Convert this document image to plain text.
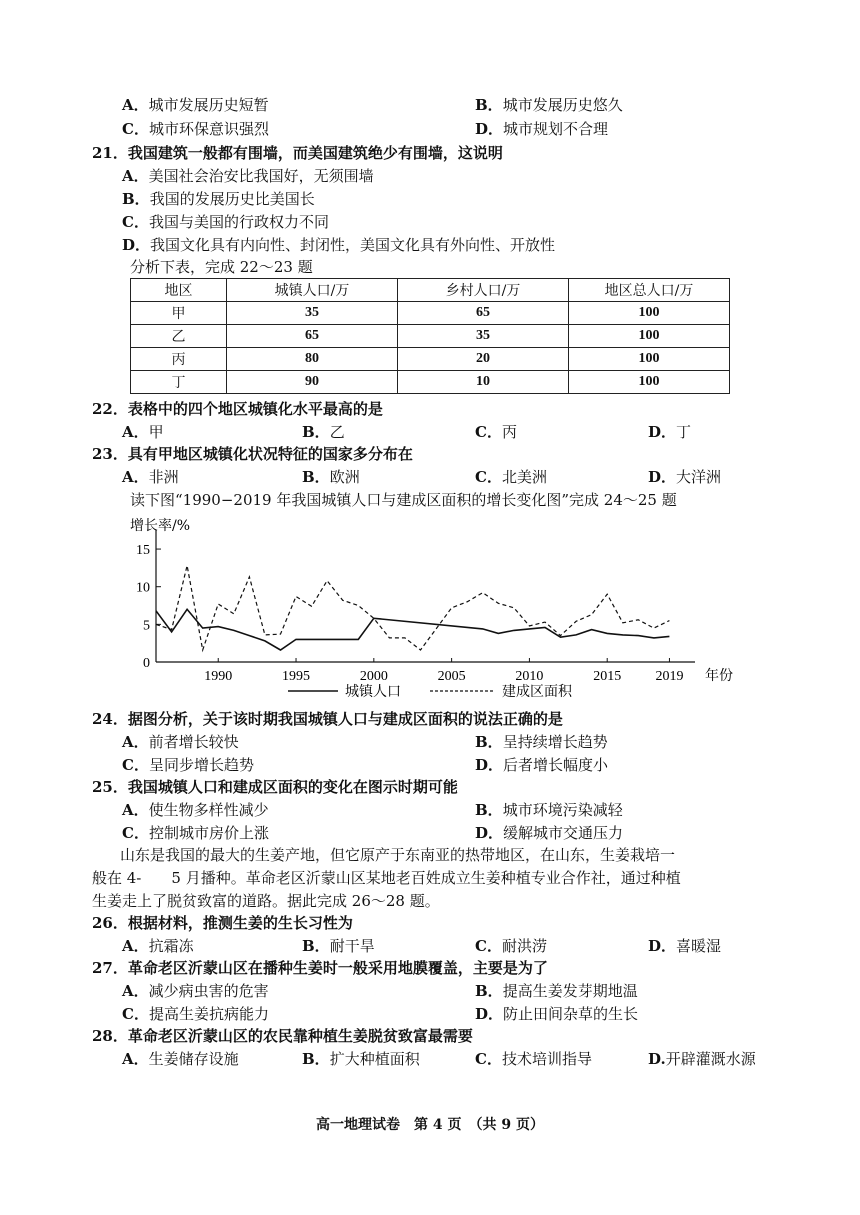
A．城市发展历史短暂	B．城市发展历史悠久
C．城市环保意识强烈	D．城市规划不合理
21．我国建筑一般都有围墙，而美国建筑绝少有围墙，这说明
A．美国社会治安比我国好，无须围墙
B．我国的发展历史比美国长
C．我国与美国的行政权力不同
D．我国文化具有内向性、封闭性，美国文化具有外向性、开放性
分析下表，完成 22～23 题
地区	城镇人口/万	乡村人口/万	地区总人口/万
甲	35	65	100
乙	65	35	100
丙	80	20	100
丁	90	10	100
22．表格中的四个地区城镇化水平最高的是
A．甲	B．乙	C．丙	D．丁
23．具有甲地区城镇化状况特征的国家多分布在
A．非洲	B．欧洲	C．北美洲	D．大洋洲
读下图“1990−2019 年我国城镇人口与建成区面积的增长变化图”完成 24～25 题
增长率/%
0
5
10
15
1990	1995	2000	2005	2010	2015 2019 年份
城镇人口	建成区面积
24．据图分析，关于该时期我国城镇人口与建成区面积的说法正确的是
A．前者增长较快	B．呈持续增长趋势
C．呈同步增长趋势	D．后者增长幅度小
25．我国城镇人口和建成区面积的变化在图示时期可能
A．使生物多样性减少	B．城市环境污染减轻
C．控制城市房价上涨	D．缓解城市交通压力
山东是我国的最大的生姜产地，但它原产于东南亚的热带地区，在山东，生姜栽培一
般在 4-　　5 月播种。革命老区沂蒙山区某地老百姓成立生姜种植专业合作社，通过种植
生姜走上了脱贫致富的道路。据此完成 26～28 题。
26．根据材料，推测生姜的生长习性为
A．抗霜冻	B．耐干旱	C．耐洪涝	D．喜暖湿
27．革命老区沂蒙山区在播种生姜时一般采用地膜覆盖，主要是为了
A．减少病虫害的危害	B．提高生姜发芽期地温
C．提高生姜抗病能力	D．防止田间杂草的生长
28．革命老区沂蒙山区的农民靠种植生姜脱贫致富最需要
A．生姜储存设施	B．扩大种植面积	C．技术培训指导	D.开辟灌溉水源
高一地理试卷　第 4 页　（共 9 页）
